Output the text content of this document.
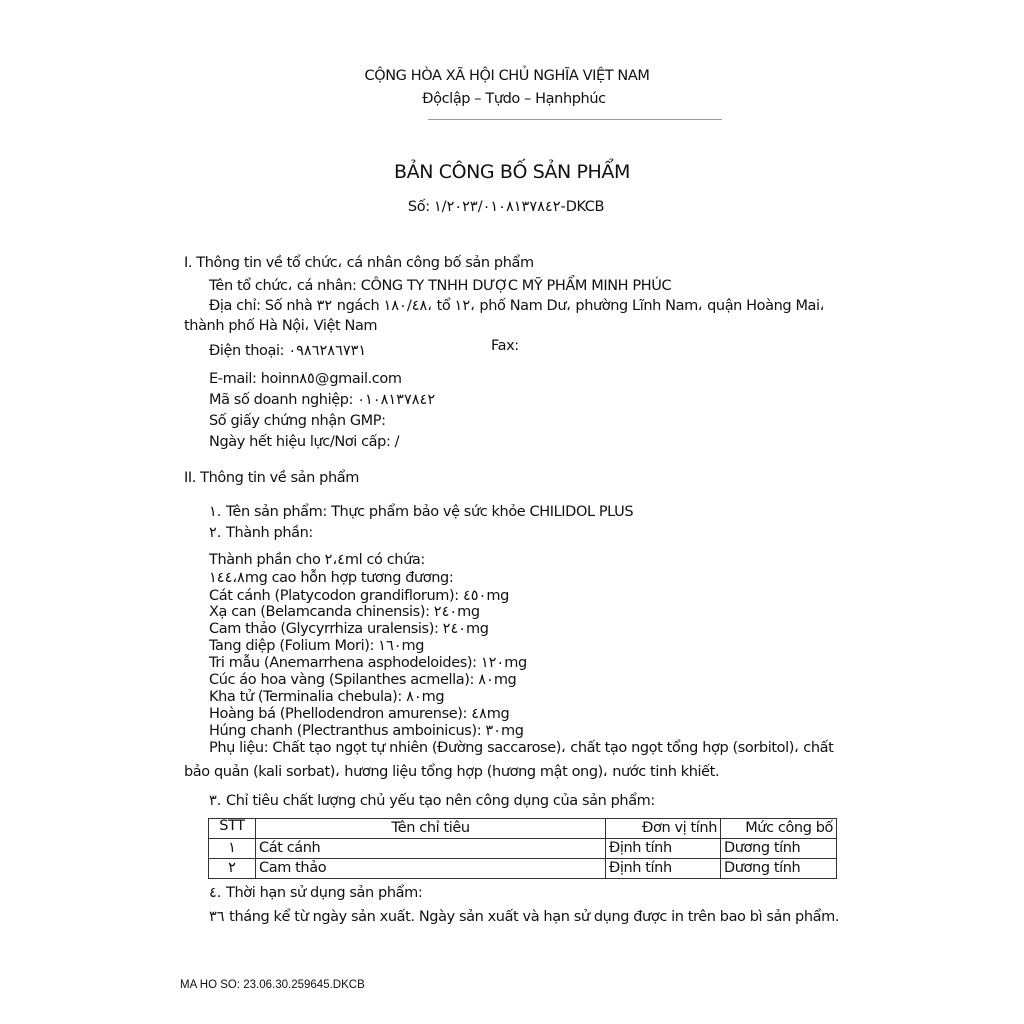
CỘNG HÒA XÃ HỘI CHỦ NGHĨA VIỆT NAM
Độclập – Tựdo – Hạnhphúc
BẢN CÔNG BỐ SẢN PHẨM
Số: ١/٢٠٢٣/٠١٠٨١٣٧٨٤٢-DKCB
I. Thông tin về tổ chức، cá nhân công bố sản phẩm
Tên tổ chức، cá nhân: CÔNG TY TNHH DƯỢC MỸ PHẨM MINH PHÚC
Địa chỉ: Số nhà ٣٢ ngách ١٨٠/٤٨، tổ ١٢، phố Nam Dư، phường Lĩnh Nam، quận Hoàng Mai،
thành phố Hà Nội، Việt Nam
Điện thoại: ٠٩٨٦٢٨٦٧٣١	Fax:
E-mail: hoinn٨٥@gmail.com
Mã số doanh nghiệp: ٠١٠٨١٣٧٨٤٢
Số giấy chứng nhận GMP:
Ngày hết hiệu lực/Nơi cấp: /
II. Thông tin về sản phẩm
١. Tên sản phẩm: Thực phẩm bảo vệ sức khỏe CHILIDOL PLUS
٢. Thành phần:
Thành phần cho ٢،٤ml có chứa:
١٤٤،٨mg cao hỗn hợp tương đương:
Cát cánh (Platycodon grandiflorum): ٤٥٠mg
Xạ can (Belamcanda chinensis): ٢٤٠mg
Cam thảo (Glycyrrhiza uralensis): ٢٤٠mg
Tang diệp (Folium Mori): ١٦٠mg
Tri mẫu (Anemarrhena asphodeloides): ١٢٠mg
Cúc áo hoa vàng (Spilanthes acmella): ٨٠mg
Kha tử (Terminalia chebula): ٨٠mg
Hoàng bá (Phellodendron amurense): ٤٨mg
Húng chanh (Plectranthus amboinicus): ٣٠mg
Phụ liệu: Chất tạo ngọt tự nhiên (Đường saccarose)، chất tạo ngọt tổng hợp (sorbitol)، chất
bảo quản (kali sorbat)، hương liệu tổng hợp (hương mật ong)، nước tinh khiết.
٣. Chỉ tiêu chất lượng chủ yếu tạo nên công dụng của sản phẩm:
STT	Tên chỉ tiêu	Đơn vị tính	Mức công bố
١	Cát cánh	Định tính	Dương tính
٢	Cam thảo	Định tính	Dương tính
٤. Thời hạn sử dụng sản phẩm:
٣٦ tháng kể từ ngày sản xuất. Ngày sản xuất và hạn sử dụng được in trên bao bì sản phẩm.
MA HO SO: 23.06.30.259645.DKCB
